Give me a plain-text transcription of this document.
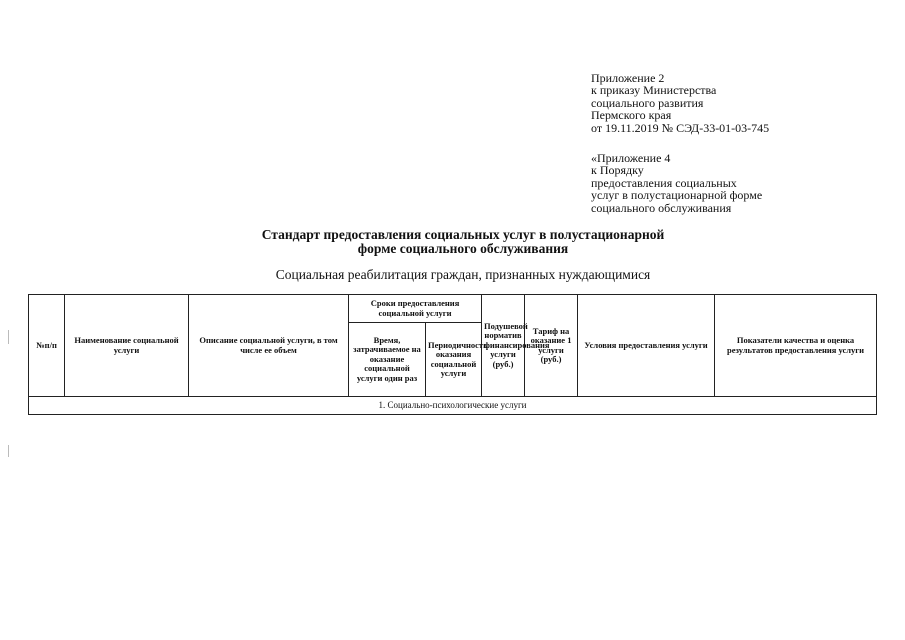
Приложение 2
к приказу Министерства
социального развития
Пермского края
от 19.11.2019 № СЭД-33-01-03-745
«Приложение 4
к Порядку
предоставления социальных
услуг в полустационарной форме
социального обслуживания
Стандарт предоставления социальных услуг в полустационарной
форме социального обслуживания
Социальная реабилитация граждан, признанных нуждающимися
№п/п	Наименование социальной услуги	Описание социальной услуги, в том числе ее объем	Сроки предоставления социальной услуги		Подушевой норматив финансирования услуги (руб.)	Тариф на оказание 1 услуги (руб.)	Условия предоставления услуги	Показатели качества и оценка результатов предоставления услуги
			Время, затрачиваемое на оказание социальной услуги один раз	Периодичность оказания социальной услуги				
1. Социально-психологические услуги								
